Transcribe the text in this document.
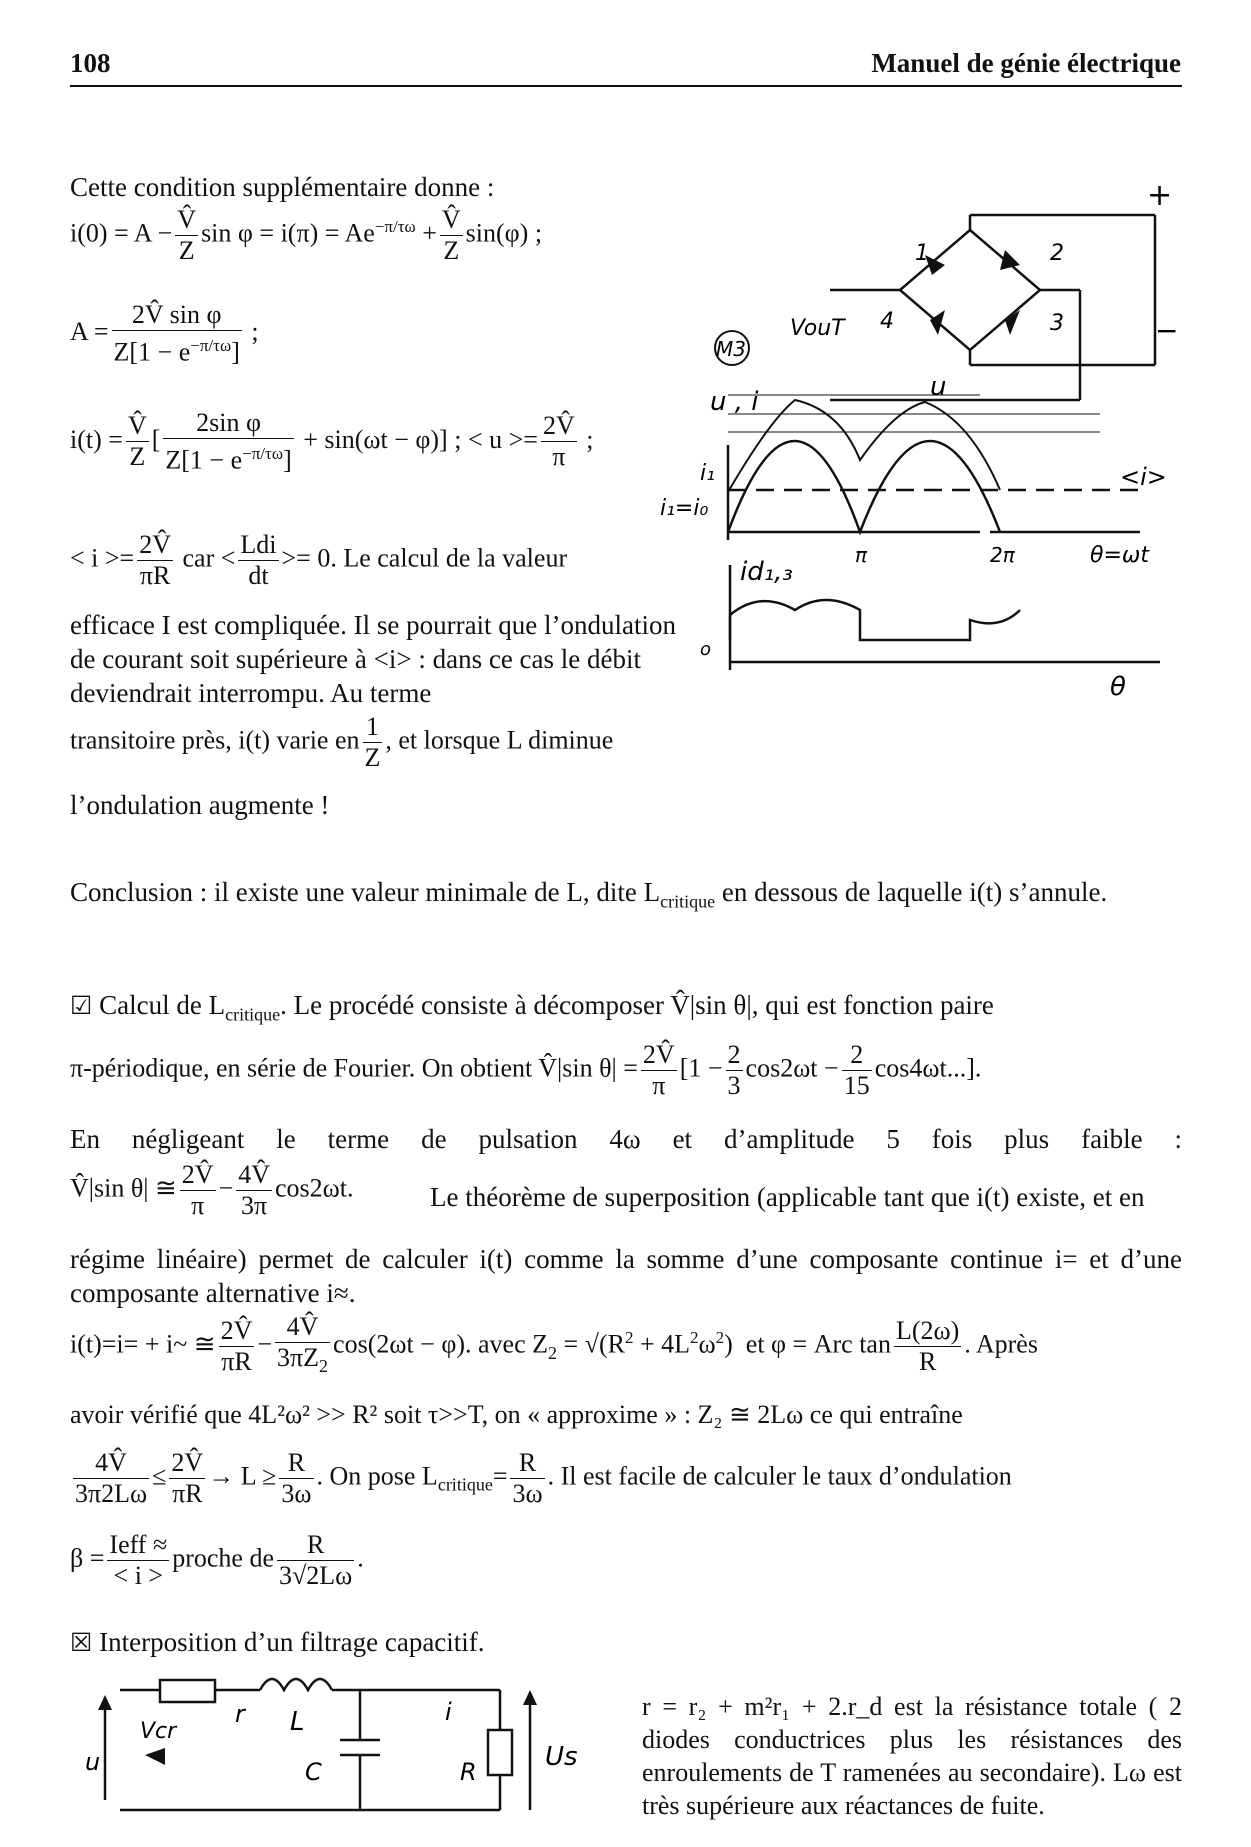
108	Manuel de génie électrique
Cette condition supplémentaire donne :
$i(0) = A - \frac{V̂}{Z}$ $\sin \varphi = i(\pi) = Ae^{-\pi/\tau\omega} + \frac{V̂}{Z} \sin(\varphi)$ ;
$A = \frac{\text{2V̂ sin φ}}{Z[1 - e^{-\pi/\tau\omega}]}$ ;
$i(t) = \frac{V̂}{Z}$ [ $\frac{\text{2sin φ}}{Z[1 - e^{-\pi/\tau\omega}]} + \sin(\omega t - \varphi)$] ; < $u >= \frac{2V̂}{\pi}$ ;
< $i >= \frac{2V̂}{\pi R}$ car < $\frac{\text{Ldi}}{dt} >= 0$. Le calcul de la valeur
efficace I est compliquée. Il se pourrait que l’ondulation de courant soit supérieure à <i> : dans ce cas le débit deviendrait interrompu. Au terme
transitoire près, i(t) varie en $\frac{1}{Z}$ , et lorsque L diminue
l’ondulation augmente !
+
−
1	2
3
4
VouT
M3
u , i	u
i₁
i₁=i₀
<i>
π	2π	θ=ωt
o
id₁,₃
θ
Conclusion : il existe une valeur minimale de L, dite $L_{critique}$ en dessous de laquelle i(t) s’annule.
☑ Calcul de $L_{critique}$. Le procédé consiste à décomposer V̂|sin θ|, qui est fonction paire
π-périodique, en série de Fourier. On obtient V̂|sin $\theta| = \frac{2V̂}{\pi} [1 - \frac{2}{3} \cos 2\omega t - \frac{2}{15} \cos 4\omega t...]$.
En négligeant le terme de pulsation 4ω et d’amplitude 5 fois plus faible :
V̂|sin θ| ≅ $\frac{2V̂}{\pi} - \frac{4V̂}{3\pi} \cos 2\omega t$.	Le théorème de superposition (applicable tant que i(t) existe, et en
régime linéaire) permet de calculer i(t) comme la somme d’une composante continue i= et d’une composante alternative i≈.
i(t)=i= + i~ ≅ $\frac{2V̂}{\pi R} - \frac{4V̂}{3\pi Z_2} \cos(2\omega t - \varphi)$. avec $Z_2 = √(R^2 + 4L^2\omega^2)$  et φ = Arc $\tan \frac{L(2\omega)}{R}$ . Après
avoir vérifié que 4L²ω² >> R² soit τ>>T, on « approxime » : Z₂ ≅ 2Lω ce qui entraîne
$\frac{4V̂}{3\pi 2L\omega} \le \frac{2V̂}{\pi R} \to L \ge \frac{R}{3\omega}$ . On pose $L_{critique}= \frac{R}{3\omega}$ . Il est facile de calculer le taux d’ondulation
$\beta = \frac{\text{Ieff ≈}}{< i >}$ proche de $\frac{R}{3√2L\omega}$ .
☒ Interposition d’un filtrage capacitif.
Vcr
r L
C	R
i
Us
u
r = r₂ + m²r₁ + 2.r_d est la résistance totale ( 2 diodes conductrices plus les résistances des enroulements de T ramenées au secondaire). Lω est très supérieure aux réactances de fuite.
